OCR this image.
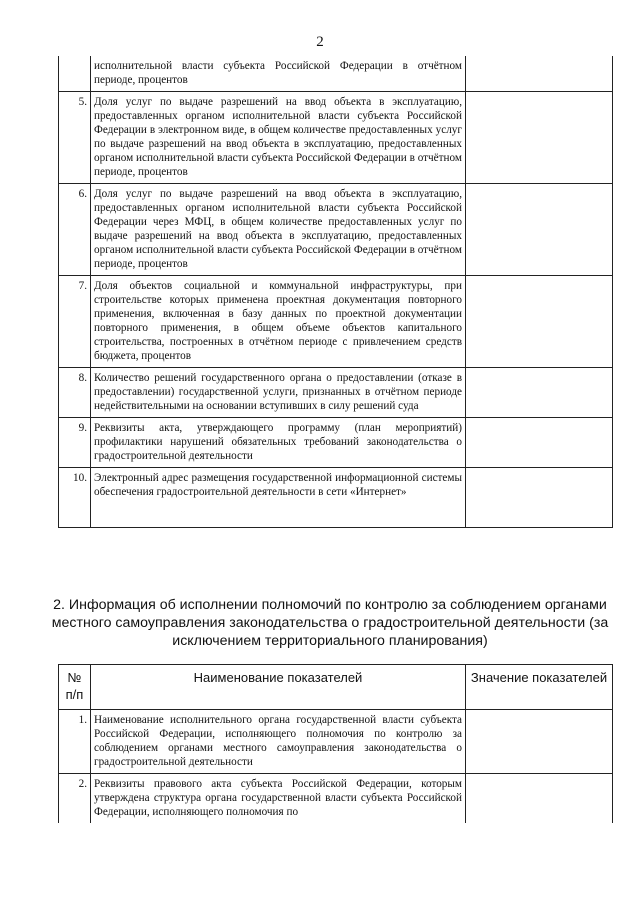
2
	исполнительной власти субъекта Российской Федерации в отчётном периоде, процентов	
5.	Доля услуг по выдаче разрешений на ввод объекта в эксплуатацию, предоставленных органом исполнительной власти субъекта Российской Федерации в электронном виде, в общем количестве предоставленных услуг по выдаче разрешений на ввод объекта в эксплуатацию, предоставленных органом исполнительной власти субъекта Российской Федерации в отчётном периоде, процентов	
6.	Доля услуг по выдаче разрешений на ввод объекта в эксплуатацию, предоставленных органом исполнительной власти субъекта Российской Федерации через МФЦ, в общем количестве предоставленных услуг по выдаче разрешений на ввод объекта в эксплуатацию, предоставленных органом исполнительной власти субъекта Российской Федерации в отчётном периоде, процентов	
7.	Доля объектов социальной и коммунальной инфраструктуры, при строительстве которых применена проектная документация повторного применения, включенная в базу данных по проектной документации повторного применения, в общем объеме объектов капитального строительства, построенных в отчётном периоде с привлечением средств бюджета, процентов	
8.	Количество решений государственного органа о предоставлении (отказе в предоставлении) государственной услуги, признанных в отчётном периоде недействительными на основании вступивших в силу решений суда	
9.	Реквизиты акта, утверждающего программу (план мероприятий) профилактики нарушений обязательных требований законодательства о градостроительной деятельности	
10.	Электронный адрес размещения государственной информационной системы обеспечения градостроительной деятельности в сети «Интернет»	
2. Информация об исполнении полномочий по контролю за соблюдением органами местного самоуправления законодательства о градостроительной деятельности (за исключением территориального планирования)
№ п/п	Наименование показателей	Значение показателей
1.	Наименование исполнительного органа государственной власти субъекта Российской Федерации, исполняющего полномочия по контролю за соблюдением органами местного самоуправления законодательства о градостроительной деятельности	
2.	Реквизиты правового акта субъекта Российской Федерации, которым утверждена структура органа государственной власти субъекта Российской Федерации, исполняющего полномочия по	
